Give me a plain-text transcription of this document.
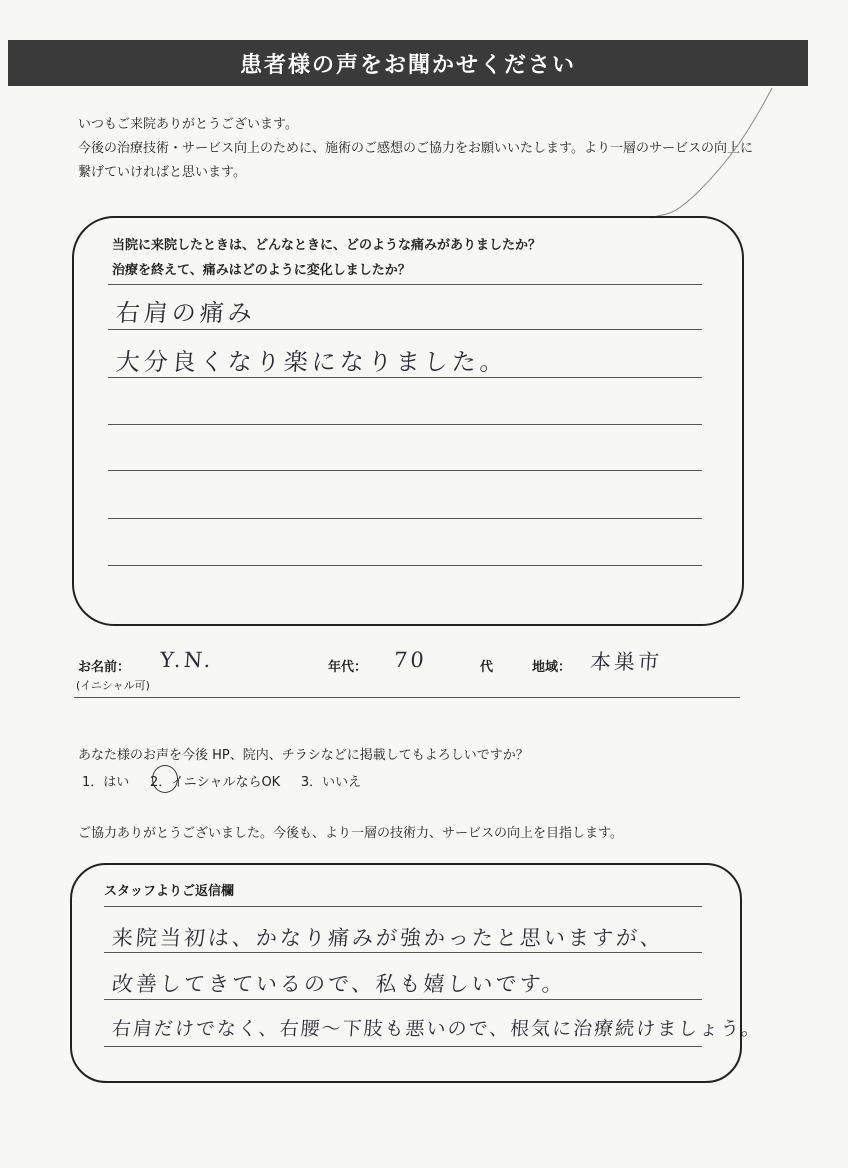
患者様の声をお聞かせください
いつもご来院ありがとうございます。
今後の治療技術・サービス向上のために、施術のご感想のご協力をお願いいたします。より一層のサービスの向上に
繋げていければと思います。
当院に来院したときは、どんなときに、どのような痛みがありましたか？
治療を終えて、痛みはどのように変化しましたか？
右肩の痛み
大分良くなり楽になりました。
お名前：
(イニシャル可)
Y.N.	年代： 70	代	地域： 本巣市
あなた様のお声を今後 HP、院内、チラシなどに掲載してもよろしいですか？
1．はい 2．イニシャルならOK 3．いいえ
ご協力ありがとうございました。今後も、より一層の技術力、サービスの向上を目指します。
スタッフよりご返信欄
来院当初は、かなり痛みが強かったと思いますが、
改善してきているので、私も嬉しいです。
右肩だけでなく、右腰～下肢も悪いので、根気に治療続けましょう。
